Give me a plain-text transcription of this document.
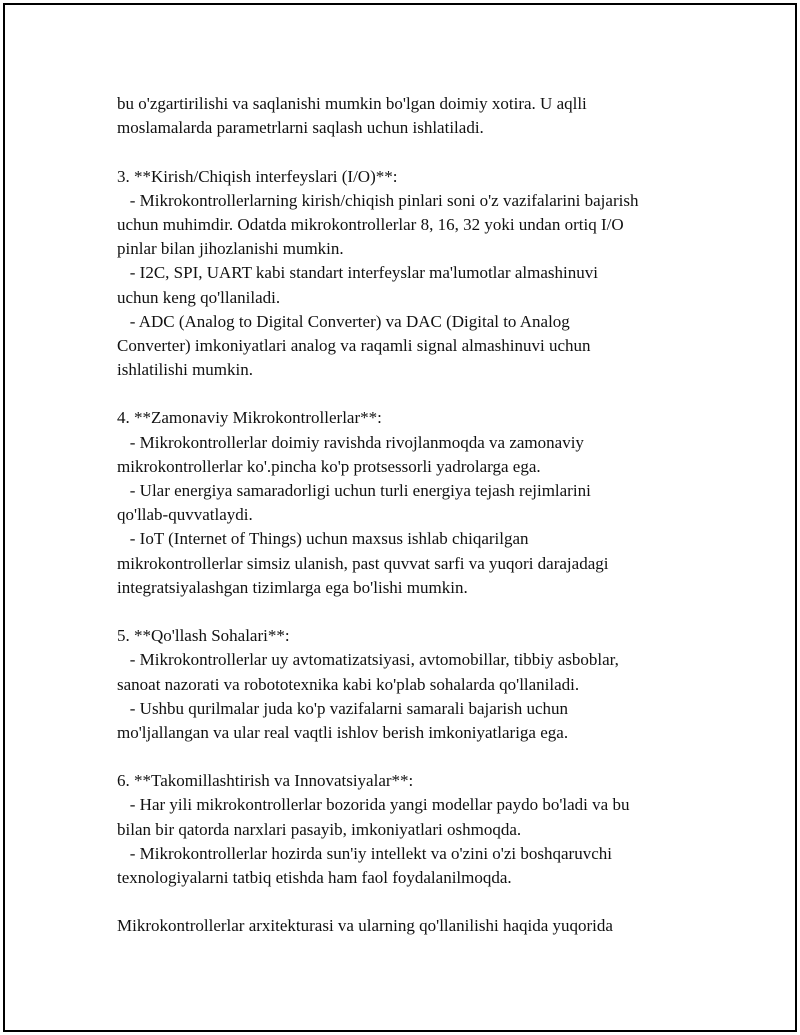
bu o'zgartirilishi va saqlanishi mumkin bo'lgan doimiy xotira. U aqlli
moslamalarda parametrlarni saqlash uchun ishlatiladi.
3. **Kirish/Chiqish interfeyslari (I/O)**:
- Mikrokontrollerlarning kirish/chiqish pinlari soni o'z vazifalarini bajarish
uchun muhimdir. Odatda mikrokontrollerlar 8, 16, 32 yoki undan ortiq I/O
pinlar bilan jihozlanishi mumkin.
- I2C, SPI, UART kabi standart interfeyslar ma'lumotlar almashinuvi
uchun keng qo'llaniladi.
- ADC (Analog to Digital Converter) va DAC (Digital to Analog
Converter) imkoniyatlari analog va raqamli signal almashinuvi uchun
ishlatilishi mumkin.
4. **Zamonaviy Mikrokontrollerlar**:
- Mikrokontrollerlar doimiy ravishda rivojlanmoqda va zamonaviy
mikrokontrollerlar ko'.pincha ko'p protsessorli yadrolarga ega.
- Ular energiya samaradorligi uchun turli energiya tejash rejimlarini
qo'llab-quvvatlaydi.
- IoT (Internet of Things) uchun maxsus ishlab chiqarilgan
mikrokontrollerlar simsiz ulanish, past quvvat sarfi va yuqori darajadagi
integratsiyalashgan tizimlarga ega bo'lishi mumkin.
5. **Qo'llash Sohalari**:
- Mikrokontrollerlar uy avtomatizatsiyasi, avtomobillar, tibbiy asboblar,
sanoat nazorati va robototexnika kabi ko'plab sohalarda qo'llaniladi.
- Ushbu qurilmalar juda ko'p vazifalarni samarali bajarish uchun
mo'ljallangan va ular real vaqtli ishlov berish imkoniyatlariga ega.
6. **Takomillashtirish va Innovatsiyalar**:
- Har yili mikrokontrollerlar bozorida yangi modellar paydo bo'ladi va bu
bilan bir qatorda narxlari pasayib, imkoniyatlari oshmoqda.
- Mikrokontrollerlar hozirda sun'iy intellekt va o'zini o'zi boshqaruvchi
texnologiyalarni tatbiq etishda ham faol foydalanilmoqda.
Mikrokontrollerlar arxitekturasi va ularning qo'llanilishi haqida yuqorida
